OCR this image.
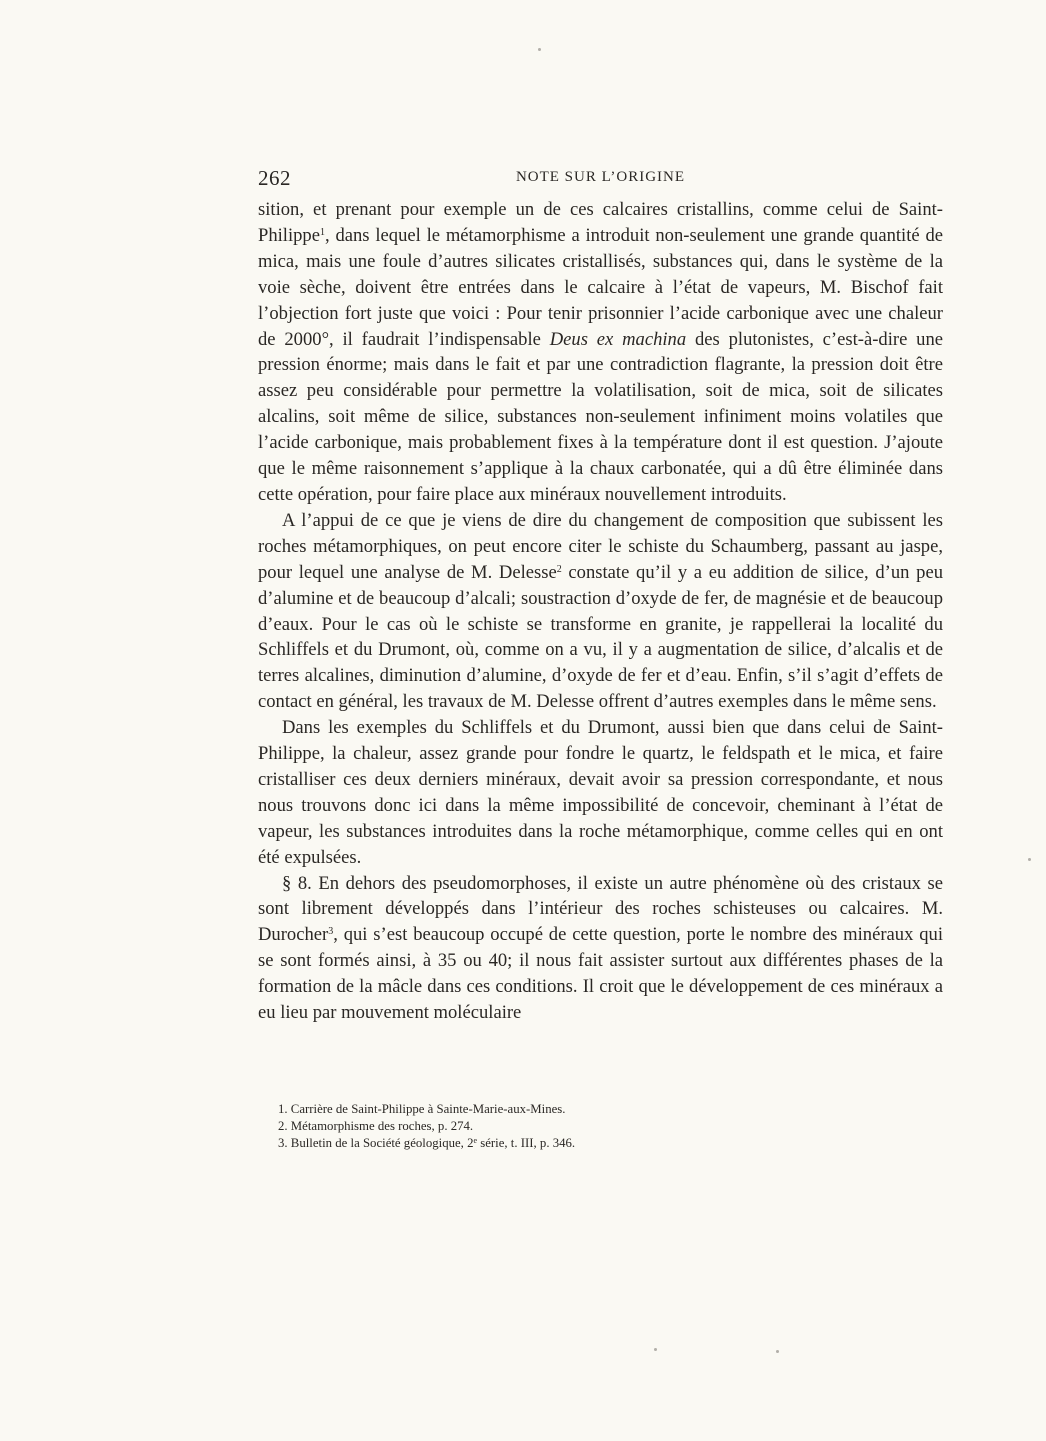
262	NOTE SUR L’ORIGINE

sition, et prenant pour exemple un de ces calcaires cristallins, comme celui de Saint-Philippe$^1$, dans lequel le métamorphisme a introduit non-seulement une grande quantité de mica, mais une foule d’autres silicates cristallisés, substances qui, dans le système de la voie sèche, doivent être entrées dans le calcaire à l’état de vapeurs, M. Bischof fait l’objection fort juste que voici : Pour tenir prisonnier l’acide carbonique avec une chaleur de 2000°, il faudrait l’indispensable Deus ex machina des plutonistes, c’est-à-dire une pression énorme; mais dans le fait et par une contradiction flagrante, la pression doit être assez peu considérable pour permettre la volatilisation, soit de mica, soit de silicates alcalins, soit même de silice, substances non-seulement infiniment moins volatiles que l’acide carbonique, mais probablement fixes à la température dont il est question. J’ajoute que le même raisonnement s’applique à la chaux carbonatée, qui a dû être éliminée dans cette opération, pour faire place aux minéraux nouvellement introduits.

A l’appui de ce que je viens de dire du changement de composition que subissent les roches métamorphiques, on peut encore citer le schiste du Schaumberg, passant au jaspe, pour lequel une analyse de M. Delesse$^2$ constate qu’il y a eu addition de silice, d’un peu d’alumine et de beaucoup d’alcali; soustraction d’oxyde de fer, de magnésie et de beaucoup d’eaux. Pour le cas où le schiste se transforme en granite, je rappellerai la localité du Schliffels et du Drumont, où, comme on a vu, il y a augmentation de silice, d’alcalis et de terres alcalines, diminution d’alumine, d’oxyde de fer et d’eau. Enfin, s’il s’agit d’effets de contact en général, les travaux de M. Delesse offrent d’autres exemples dans le même sens.

Dans les exemples du Schliffels et du Drumont, aussi bien que dans celui de Saint-Philippe, la chaleur, assez grande pour fondre le quartz, le feldspath et le mica, et faire cristalliser ces deux derniers minéraux, devait avoir sa pression correspondante, et nous nous trouvons donc ici dans la même impossibilité de concevoir, cheminant à l’état de vapeur, les substances introduites dans la roche métamorphique, comme celles qui en ont été expulsées.

§ 8. En dehors des pseudomorphoses, il existe un autre phénomène où des cristaux se sont librement développés dans l’intérieur des roches schisteuses ou calcaires. M. Durocher$^3$, qui s’est beaucoup occupé de cette question, porte le nombre des minéraux qui se sont formés ainsi, à 35 ou 40; il nous fait assister surtout aux différentes phases de la formation de la mâcle dans ces conditions. Il croit que le développement de ces minéraux a eu lieu par mouvement moléculaire

1. Carrière de Saint-Philippe à Sainte-Marie-aux-Mines.
2. Métamorphisme des roches, p. 274.
3. Bulletin de la Société géologique, 2e série, t. III, p. 346.
